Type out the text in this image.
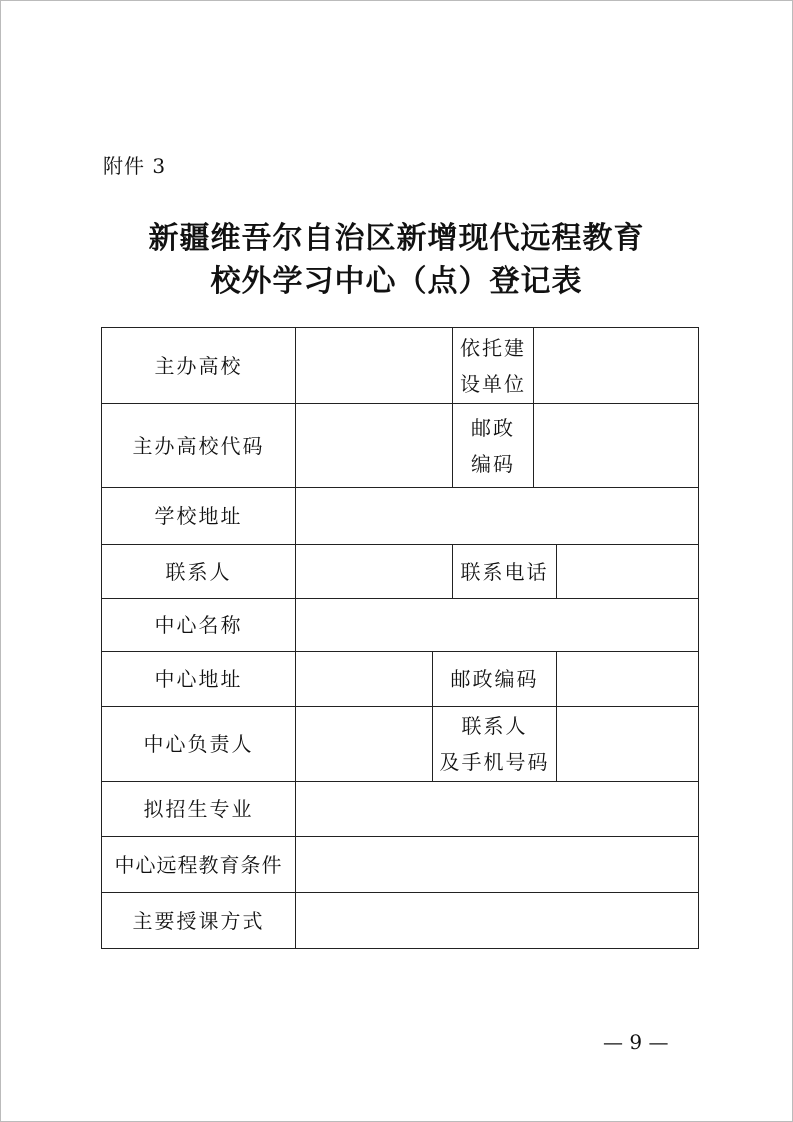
附件 3
新疆维吾尔自治区新增现代远程教育
校外学习中心（点）登记表
主办高校
依托建
设单位
主办高校代码
邮政
编码
学校地址
联系人	联系电话
中心名称
中心地址	邮政编码
中心负责人
联系人
及手机号码
拟招生专业
中心远程教育条件
主要授课方式
— 9 —
